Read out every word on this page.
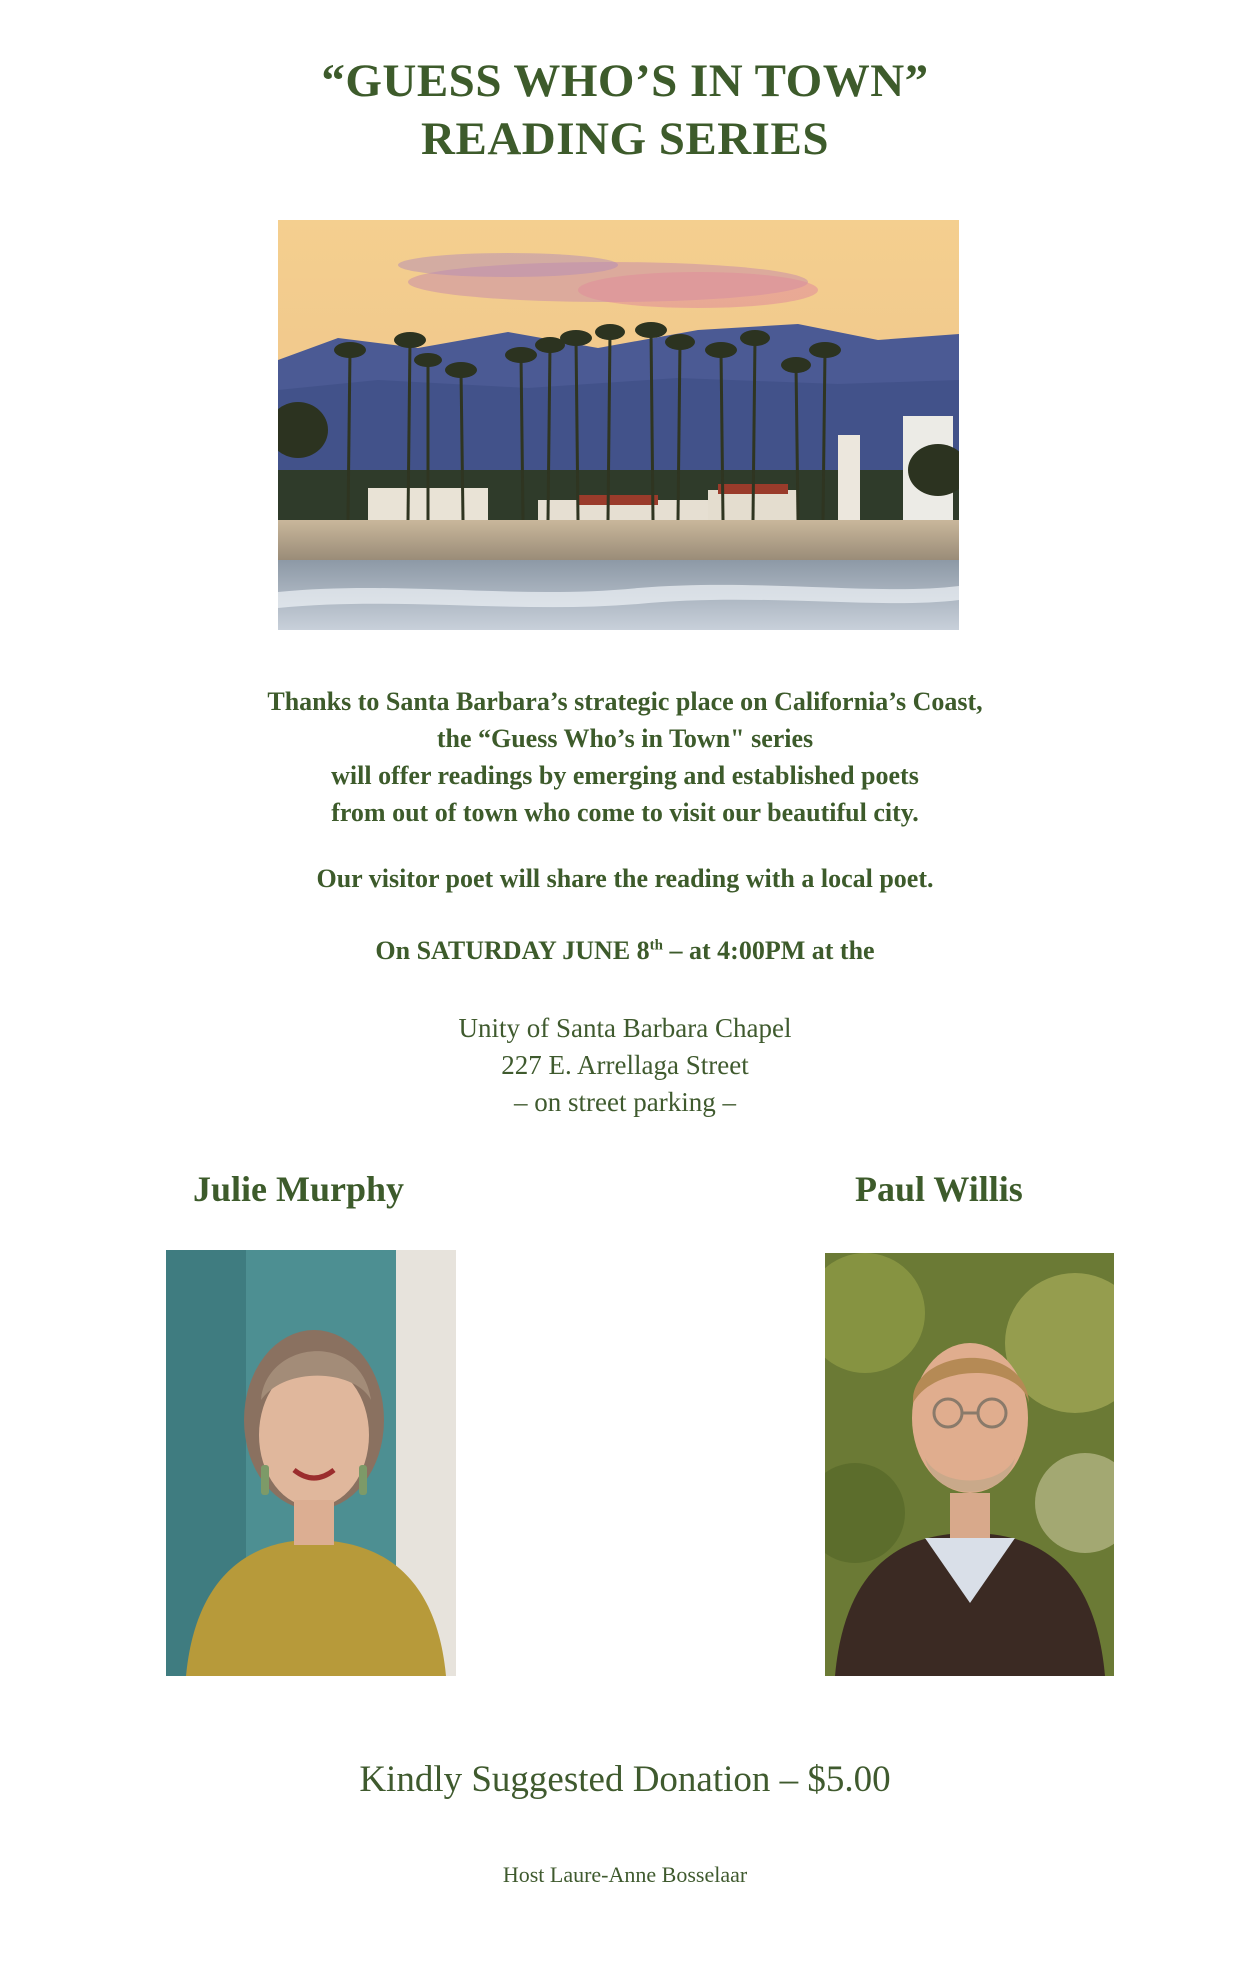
“GUESS WHO’S IN TOWN”
READING SERIES
Thanks to Santa Barbara’s strategic place on California’s Coast,
the “Guess Who’s in Town" series
will offer readings by emerging and established poets
from out of town who come to visit our beautiful city.
Our visitor poet will share the reading with a local poet.
On SATURDAY JUNE 8th – at 4:00PM at the
Unity of Santa Barbara Chapel
227 E. Arrellaga Street
– on street parking –
Julie Murphy	Paul Willis
Kindly Suggested Donation – $5.00
Host Laure-Anne Bosselaar
